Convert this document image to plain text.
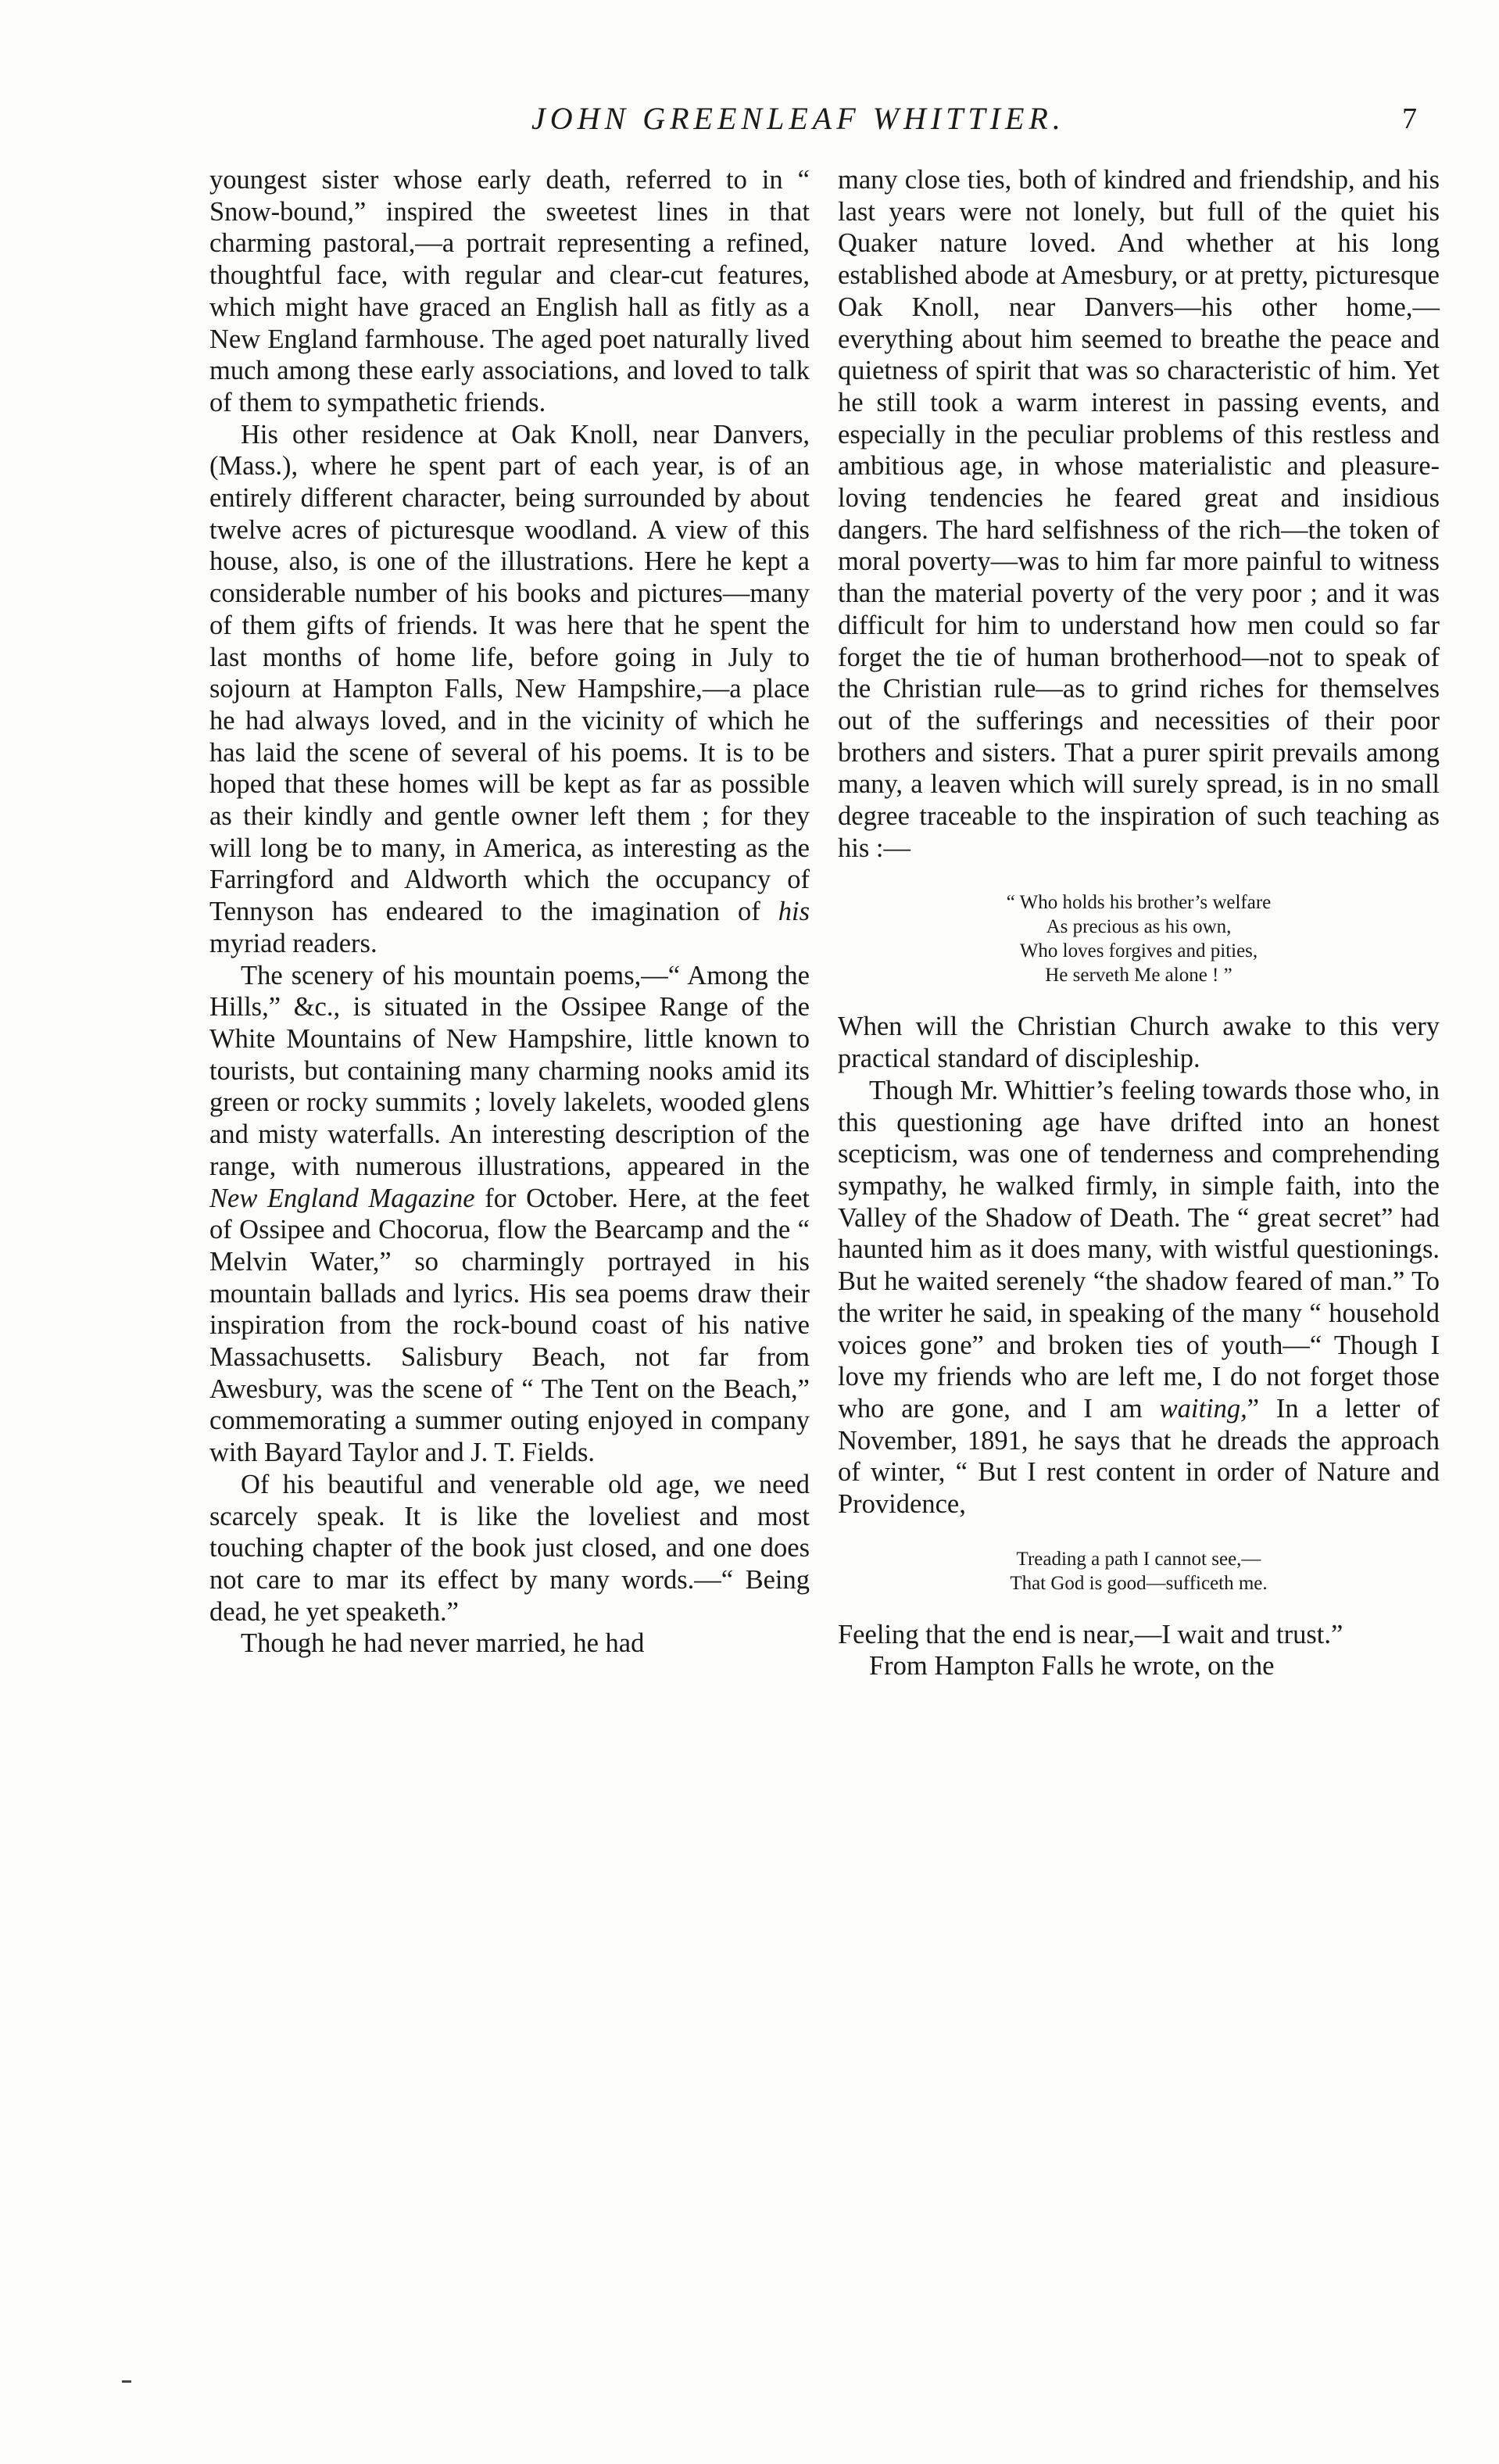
JOHN GREENLEAF WHITTIER.	7

youngest sister whose early death, referred to in “ Snow-bound,” inspired the sweetest lines in that charming pastoral,—a portrait representing a refined, thoughtful face, with regular and clear-cut features, which might have graced an English hall as fitly as a New England farmhouse. The aged poet naturally lived much among these early associations, and loved to talk of them to sympathetic friends.

His other residence at Oak Knoll, near Danvers, (Mass.), where he spent part of each year, is of an entirely different character, being surrounded by about twelve acres of picturesque woodland. A view of this house, also, is one of the illustrations. Here he kept a considerable number of his books and pictures—many of them gifts of friends. It was here that he spent the last months of home life, before going in July to sojourn at Hampton Falls, New Hampshire,—a place he had always loved, and in the vicinity of which he has laid the scene of several of his poems. It is to be hoped that these homes will be kept as far as possible as their kindly and gentle owner left them ; for they will long be to many, in America, as interesting as the Farringford and Aldworth which the occupancy of Tennyson has endeared to the imagination of his myriad readers.

The scenery of his mountain poems,—“ Among the Hills,” &c., is situated in the Ossipee Range of the White Mountains of New Hampshire, little known to tourists, but containing many charming nooks amid its green or rocky summits ; lovely lakelets, wooded glens and misty waterfalls. An interesting description of the range, with numerous illustrations, appeared in the New England Magazine for October. Here, at the feet of Ossipee and Chocorua, flow the Bearcamp and the “ Melvin Water,” so charmingly portrayed in his mountain ballads and lyrics. His sea poems draw their inspiration from the rock-bound coast of his native Massachusetts. Salisbury Beach, not far from Awesbury, was the scene of “ The Tent on the Beach,” commemorating a summer outing enjoyed in company with Bayard Taylor and J. T. Fields.

Of his beautiful and venerable old age, we need scarcely speak. It is like the loveliest and most touching chapter of the book just closed, and one does not care to mar its effect by many words.—“ Being dead, he yet speaketh.”

Though he had never married, he had

many close ties, both of kindred and friendship, and his last years were not lonely, but full of the quiet his Quaker nature loved. And whether at his long established abode at Amesbury, or at pretty, picturesque Oak Knoll, near Danvers—his other home,—everything about him seemed to breathe the peace and quietness of spirit that was so characteristic of him. Yet he still took a warm interest in passing events, and especially in the peculiar problems of this restless and ambitious age, in whose materialistic and pleasure-loving tendencies he feared great and insidious dangers. The hard selfishness of the rich—the token of moral poverty—was to him far more painful to witness than the material poverty of the very poor ; and it was difficult for him to understand how men could so far forget the tie of human brotherhood—not to speak of the Christian rule—as to grind riches for themselves out of the sufferings and necessities of their poor brothers and sisters. That a purer spirit prevails among many, a leaven which will surely spread, is in no small degree traceable to the inspiration of such teaching as his :—

“ Who holds his brother’s welfare
As precious as his own,
Who loves forgives and pities,
He serveth Me alone ! ”

When will the Christian Church awake to this very practical standard of discipleship.

Though Mr. Whittier’s feeling towards those who, in this questioning age have drifted into an honest scepticism, was one of tenderness and comprehending sympathy, he walked firmly, in simple faith, into the Valley of the Shadow of Death. The “ great secret” had haunted him as it does many, with wistful questionings. But he waited serenely “the shadow feared of man.” To the writer he said, in speaking of the many “ household voices gone” and broken ties of youth—“ Though I love my friends who are left me, I do not forget those who are gone, and I am waiting,” In a letter of November, 1891, he says that he dreads the approach of winter, “ But I rest content in order of Nature and Providence,

Treading a path I cannot see,—
That God is good—sufficeth me.

Feeling that the end is near,—I wait and trust.”

From Hampton Falls he wrote, on the
